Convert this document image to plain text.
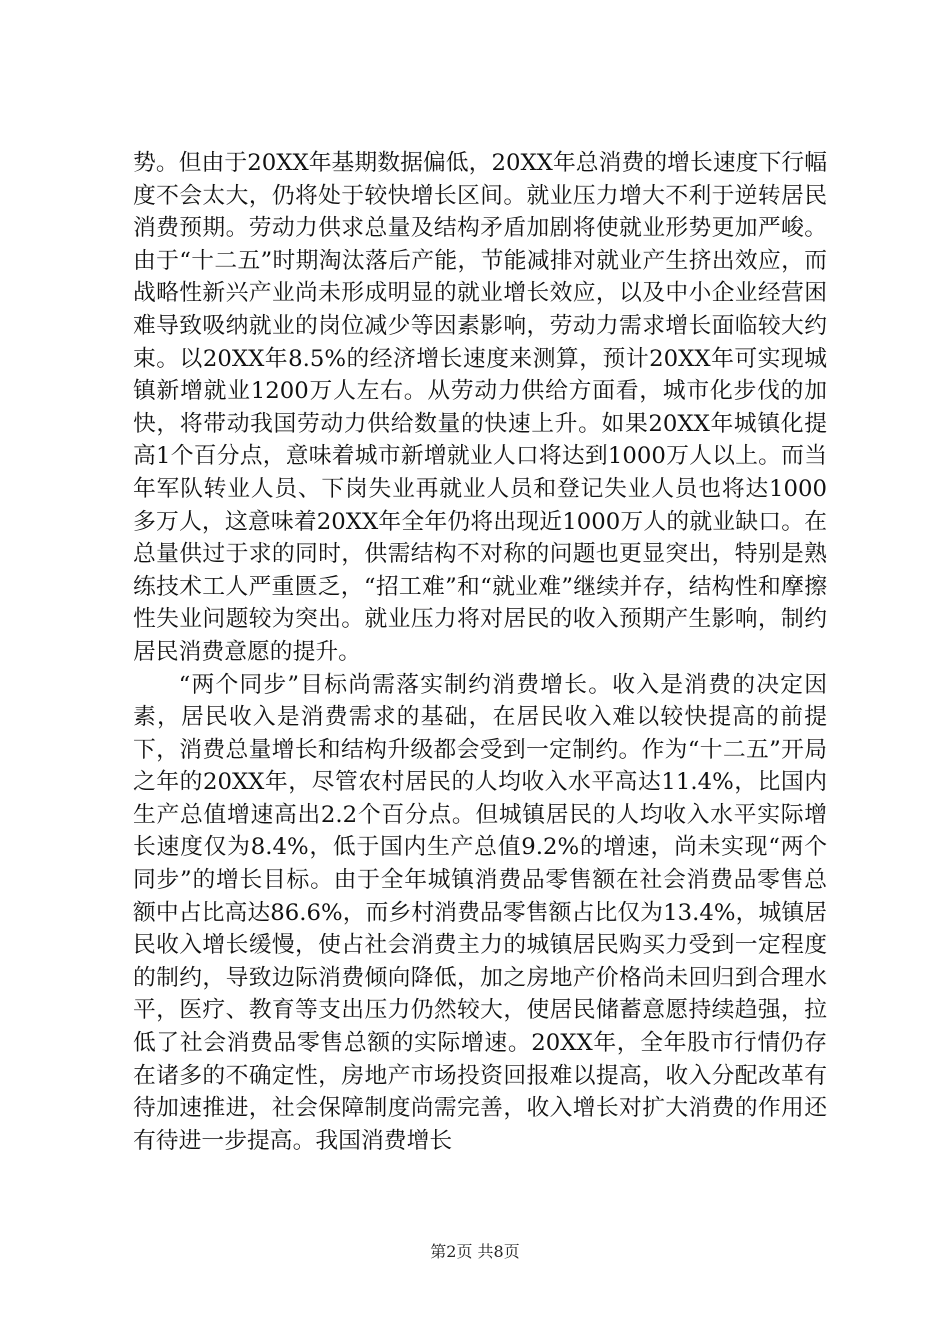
势。但由于20XX年基期数据偏低，20XX年总消费的增长速度下行幅度不会太大，仍将处于较快增长区间。就业压力增大不利于逆转居民消费预期。劳动力供求总量及结构矛盾加剧将使就业形势更加严峻。由于“十二五”时期淘汰落后产能，节能减排对就业产生挤出效应，而战略性新兴产业尚未形成明显的就业增长效应，以及中小企业经营困难导致吸纳就业的岗位减少等因素影响，劳动力需求增长面临较大约束。以20XX年8.5%的经济增长速度来测算，预计20XX年可实现城镇新增就业1200万人左右。从劳动力供给方面看，城市化步伐的加快，将带动我国劳动力供给数量的快速上升。如果20XX年城镇化提高1个百分点，意味着城市新增就业人口将达到1000万人以上。而当年军队转业人员、下岗失业再就业人员和登记失业人员也将达1000多万人，这意味着20XX年全年仍将出现近1000万人的就业缺口。在总量供过于求的同时，供需结构不对称的问题也更显突出，特别是熟练技术工人严重匮乏，“招工难”和“就业难”继续并存，结构性和摩擦性失业问题较为突出。就业压力将对居民的收入预期产生影响，制约居民消费意愿的提升。

“两个同步”目标尚需落实制约消费增长。收入是消费的决定因素，居民收入是消费需求的基础，在居民收入难以较快提高的前提下，消费总量增长和结构升级都会受到一定制约。作为“十二五”开局之年的20XX年，尽管农村居民的人均收入水平高达11.4%，比国内生产总值增速高出2.2个百分点。但城镇居民的人均收入水平实际增长速度仅为8.4%，低于国内生产总值9.2%的增速，尚未实现“两个同步”的增长目标。由于全年城镇消费品零售额在社会消费品零售总额中占比高达86.6%，而乡村消费品零售额占比仅为13.4%，城镇居民收入增长缓慢，使占社会消费主力的城镇居民购买力受到一定程度的制约，导致边际消费倾向降低，加之房地产价格尚未回归到合理水平，医疗、教育等支出压力仍然较大，使居民储蓄意愿持续趋强，拉低了社会消费品零售总额的实际增速。20XX年，全年股市行情仍存在诸多的不确定性，房地产市场投资回报难以提高，收入分配改革有待加速推进，社会保障制度尚需完善，收入增长对扩大消费的作用还有待进一步提高。我国消费增长

第2页 共8页
